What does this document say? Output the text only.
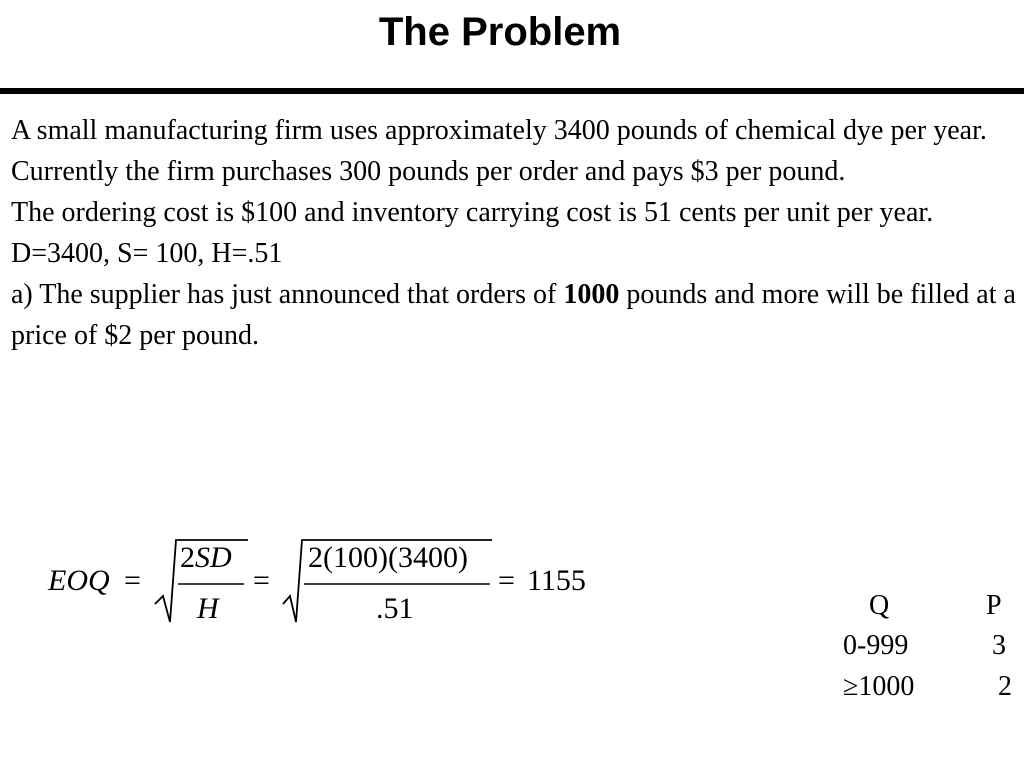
The Problem

A small manufacturing firm uses approximately 3400 pounds of chemical dye per year. Currently the firm purchases 300 pounds per order and pays $3 per pound.

The ordering cost is $100 and inventory carrying cost is 51 cents per unit per year.

D=3400, S= 100, H=.51

a) The supplier has just announced that orders of 1000 pounds and more will be filled at a price of $2 per pound.

EOQ =
2SD
H
=
2(100)(3400)
.51
= 1155
Q	P
0-999	3
≥1000	2
